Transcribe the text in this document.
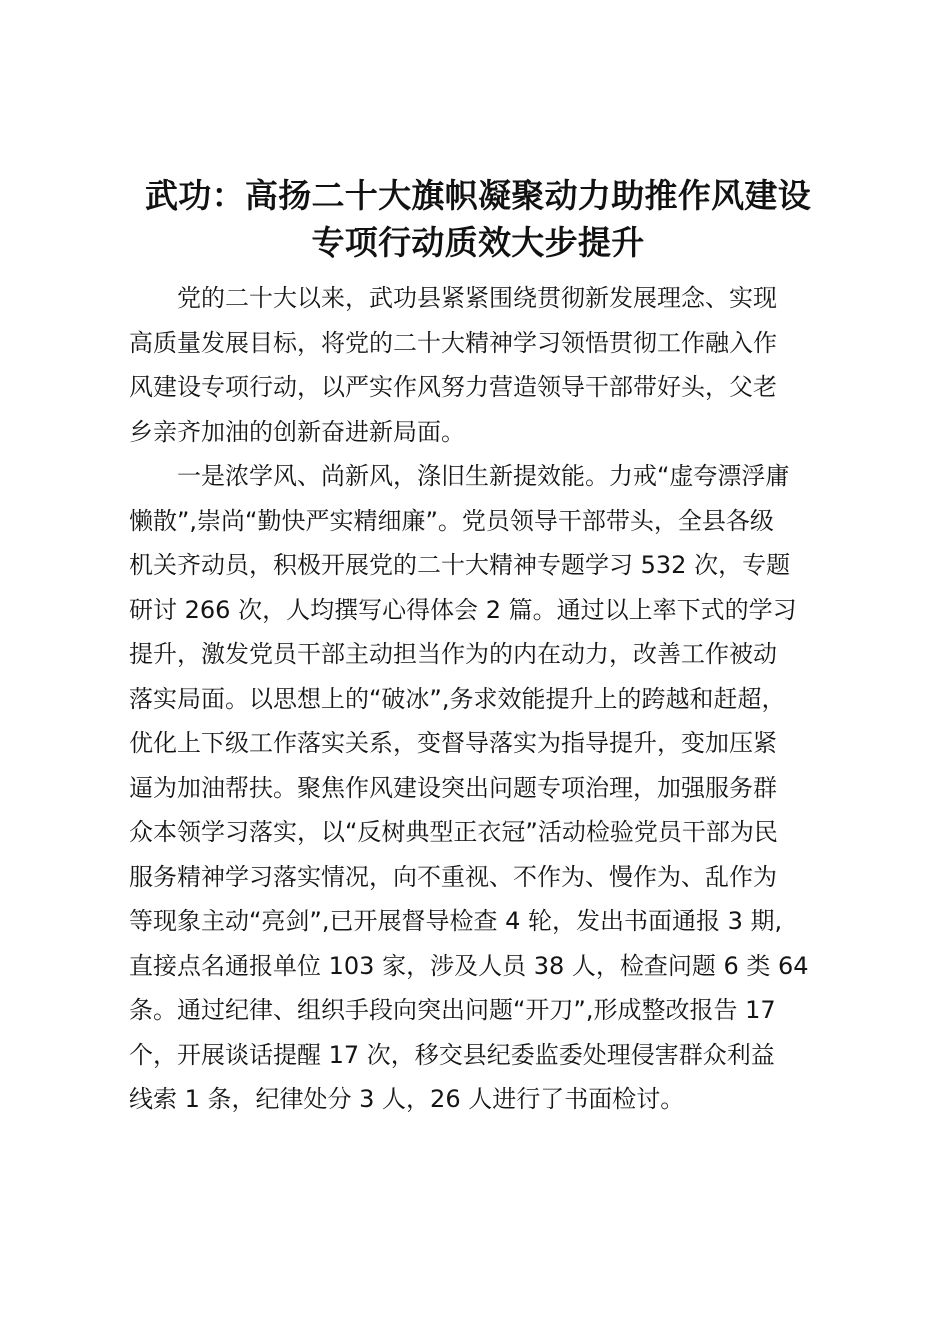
武功：高扬二十大旗帜凝聚动力助推作风建设
专项行动质效大步提升
党的二十大以来，武功县紧紧围绕贯彻新发展理念、实现
高质量发展目标，将党的二十大精神学习领悟贯彻工作融入作
风建设专项行动，以严实作风努力营造领导干部带好头，父老
乡亲齐加油的创新奋进新局面。
一是浓学风、尚新风，涤旧生新提效能。力戒“虚夸漂浮庸
懒散”,崇尚“勤快严实精细廉”。党员领导干部带头，全县各级
机关齐动员，积极开展党的二十大精神专题学习 532 次，专题
研讨 266 次，人均撰写心得体会 2 篇。通过以上率下式的学习
提升，激发党员干部主动担当作为的内在动力，改善工作被动
落实局面。以思想上的“破冰”,务求效能提升上的跨越和赶超，
优化上下级工作落实关系，变督导落实为指导提升，变加压紧
逼为加油帮扶。聚焦作风建设突出问题专项治理，加强服务群
众本领学习落实，以“反树典型正衣冠”活动检验党员干部为民
服务精神学习落实情况，向不重视、不作为、慢作为、乱作为
等现象主动“亮剑”,已开展督导检查 4 轮，发出书面通报 3 期,
直接点名通报单位 103 家，涉及人员 38 人，检查问题 6 类 64
条。通过纪律、组织手段向突出问题“开刀”,形成整改报告 17
个，开展谈话提醒 17 次，移交县纪委监委处理侵害群众利益
线索 1 条，纪律处分 3 人，26 人进行了书面检讨。
